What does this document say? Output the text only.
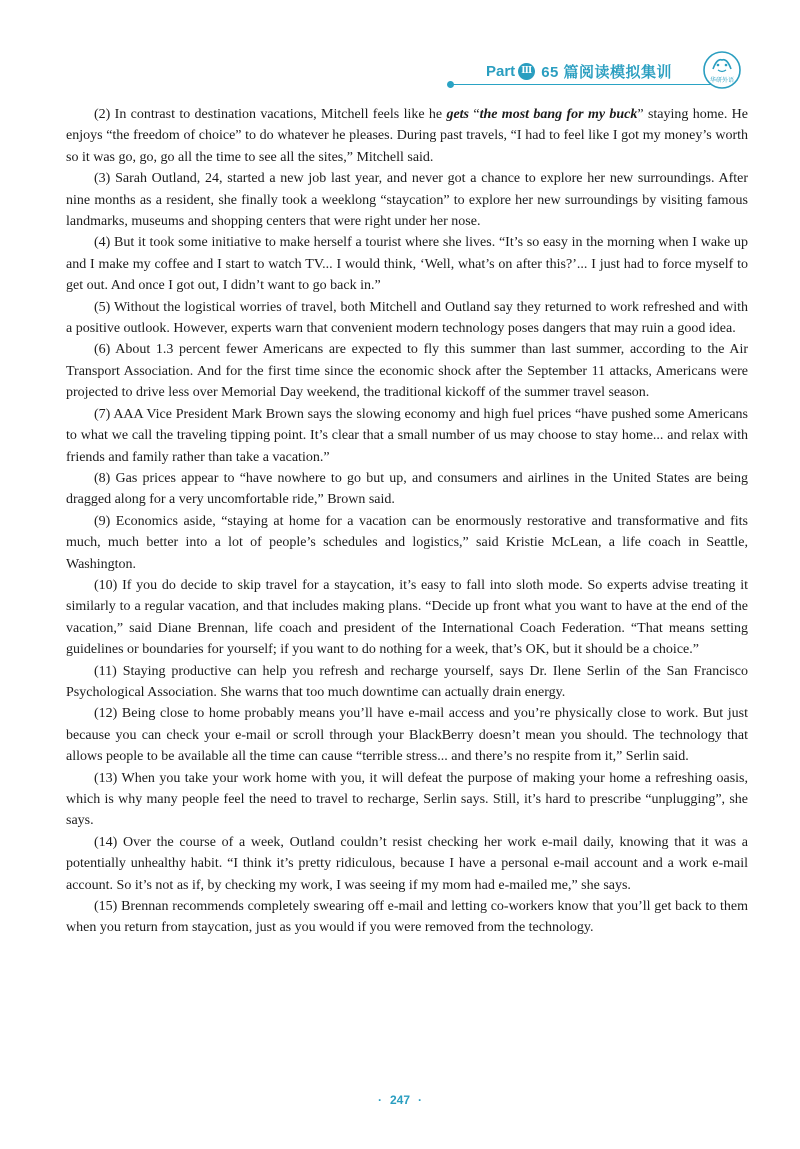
Part Ⅲ 65 篇阅读模拟集训	华研外语

(2) In contrast to destination vacations, Mitchell feels like he gets “the most bang for my buck” staying home. He enjoys “the freedom of choice” to do whatever he pleases. During past travels, “I had to feel like I got my money’s worth so it was go, go, go all the time to see all the sites,” Mitchell said.

(3) Sarah Outland, 24, started a new job last year, and never got a chance to explore her new surroundings. After nine months as a resident, she finally took a weeklong “staycation” to explore her new surroundings by visiting famous landmarks, museums and shopping centers that were right under her nose.

(4) But it took some initiative to make herself a tourist where she lives. “It’s so easy in the morning when I wake up and I make my coffee and I start to watch TV... I would think, ‘Well, what’s on after this?’... I just had to force myself to get out. And once I got out, I didn’t want to go back in.”

(5) Without the logistical worries of travel, both Mitchell and Outland say they returned to work refreshed and with a positive outlook. However, experts warn that convenient modern technology poses dangers that may ruin a good idea.

(6) About 1.3 percent fewer Americans are expected to fly this summer than last summer, according to the Air Transport Association. And for the first time since the economic shock after the September 11 attacks, Americans were projected to drive less over Memorial Day weekend, the traditional kickoff of the summer travel season.

(7) AAA Vice President Mark Brown says the slowing economy and high fuel prices “have pushed some Americans to what we call the traveling tipping point. It’s clear that a small number of us may choose to stay home... and relax with friends and family rather than take a vacation.”

(8) Gas prices appear to “have nowhere to go but up, and consumers and airlines in the United States are being dragged along for a very uncomfortable ride,” Brown said.

(9) Economics aside, “staying at home for a vacation can be enormously restorative and transformative and fits much, much better into a lot of people’s schedules and logistics,” said Kristie McLean, a life coach in Seattle, Washington.

(10) If you do decide to skip travel for a staycation, it’s easy to fall into sloth mode. So experts advise treating it similarly to a regular vacation, and that includes making plans. “Decide up front what you want to have at the end of the vacation,” said Diane Brennan, life coach and president of the International Coach Federation. “That means setting guidelines or boundaries for yourself; if you want to do nothing for a week, that’s OK, but it should be a choice.”

(11) Staying productive can help you refresh and recharge yourself, says Dr. Ilene Serlin of the San Francisco Psychological Association. She warns that too much downtime can actually drain energy.

(12) Being close to home probably means you’ll have e-mail access and you’re physically close to work. But just because you can check your e-mail or scroll through your BlackBerry doesn’t mean you should. The technology that allows people to be available all the time can cause “terrible stress... and there’s no respite from it,” Serlin said.

(13) When you take your work home with you, it will defeat the purpose of making your home a refreshing oasis, which is why many people feel the need to travel to recharge, Serlin says. Still, it’s hard to prescribe “unplugging”, she says.

(14) Over the course of a week, Outland couldn’t resist checking her work e-mail daily, knowing that it was a potentially unhealthy habit. “I think it’s pretty ridiculous, because I have a personal e-mail account and a work e-mail account. So it’s not as if, by checking my work, I was seeing if my mom had e-mailed me,” she says.

(15) Brennan recommends completely swearing off e-mail and letting co-workers know that you’ll get back to them when you return from staycation, just as you would if you were removed from the technology.

· 247 ·
